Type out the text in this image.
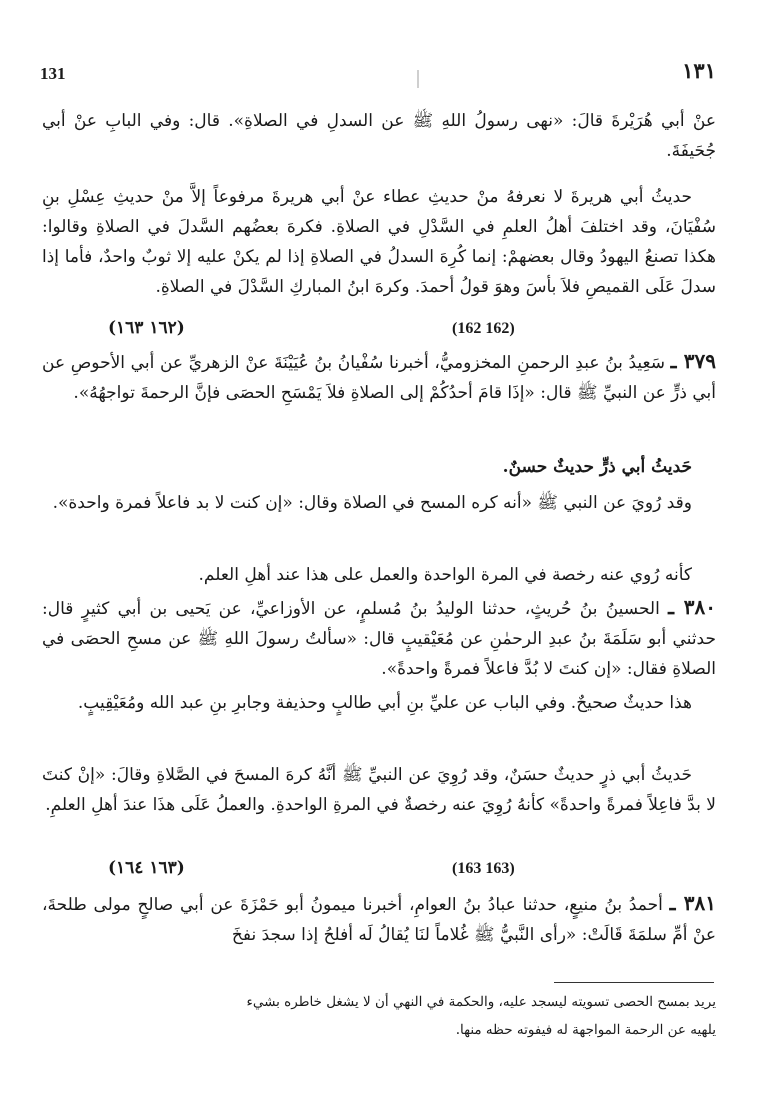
131	١٣١

عنْ أبي هُرَيْرةَ قالَ: «نهى رسولُ اللهِ ﷺ عن السدلِ في الصلاةِ». قال: وفي البابِ عنْ أبي جُحَيفَةَ.

حديثُ أبي هريرةَ لا نعرفهُ منْ حديثِ عطاء عنْ أبي هريرةَ مرفوعاً إلاَّ منْ حديثِ عِسْلِ بنِ سُفْيَانَ، وقد اختلفَ أهلُ العلمِ في السَّدْلِ في الصلاةِ. فكرهَ بعضُهم السَّدلَ في الصلاةِ وقالوا: هكذا تصنعُ اليهودُ وقال بعضهمْ: إنما كُرِهَ السدلُ في الصلاةِ إذا لم يكنْ عليه إلا ثوبٌ واحدٌ، فأما إذا سدلَ عَلَى القميصِ فلاَ بأسَ وهوَ قولُ أحمدَ. وكرهَ ابنُ المباركِ السَّدْلَ في الصلاةِ.

(١٦٢ ١٦٣)	(162 162)

٣٧٩ ـ سَعِيدُ بنُ عبدِ الرحمنِ المخزوميُّ، أخبرنا سُفْيانُ بنُ عُيَيْنَةَ عنْ الزهريِّ عن أبي الأحوصِ عن أبي ذرٍّ عن النبيِّ ﷺ قال: «إذَا قامَ أحدُكُمْ إلى الصلاةِ فلاَ يَمْسَحِ الحصَى فإنَّ الرحمةَ تواجهُهُ».

حَديثُ أبي ذرٍّ حديثٌ حسنٌ.

وقد رُويَ عن النبي ﷺ «أنه كره المسح في الصلاة وقال: «إن كنت لا بد فاعلاً فمرة واحدة».

كأنه رُوي عنه رخصة في المرة الواحدة والعمل على هذا عند أهلِ العلم.

٣٨٠ ـ الحسينُ بنُ حُريثٍ، حدثنا الوليدُ بنُ مُسلمٍ، عن الأوزاعيِّ، عن يَحيى بن أبي كثيرٍ قال: حدثني أبو سَلَمَةَ بنُ عبدِ الرحمٰنِ عن مُعَيْقيبٍ قال: «سألتُ رسولَ اللهِ ﷺ عن مسحِ الحصَى في الصلاةِ فقال: «إن كنتَ لا بُدَّ فاعلاً فمرةً واحدةً».

هذا حديثٌ صحيحٌ. وفي الباب عن عليِّ بنِ أبي طالبٍ وحذيفة وجابرِ بنِ عبد الله ومُعَيْقِيبٍ.

حَديثُ أبي ذرٍ حديثٌ حسَنٌ، وقد رُوِيَ عن النبيِّ ﷺ أنَّهُ كرهَ المسحَ في الصَّلاةِ وقالَ: «إنْ كنتَ لا بدَّ فاعِلاً فمرةً واحدةً» كأنهُ رُوِيَ عنه رخصةٌ في المرةِ الواحدةِ. والعملُ عَلَى هذَا عندَ أهلِ العلمِ.

(١٦٣ ١٦٤)	(163 163)

٣٨١ ـ أحمدُ بنُ منيعٍ، حدثنا عبادُ بنُ العوامِ، أخبرنا ميمونُ أبو حَمْزَةَ عن أبي صالحٍ مولى طلحةَ، عنْ أمِّ سلمَةَ قَالَتْ: «رأى النَّبيُّ ﷺ غُلاماً لنَا يُقالُ لَه أفلحُ إذا سجدَ نفخَ

يريد بمسح الحصى تسويته ليسجد عليه، والحكمة في النهي أن لا يشغل خاطره بشيء
يلهيه عن الرحمة المواجهة له فيفوته حظه منها.
